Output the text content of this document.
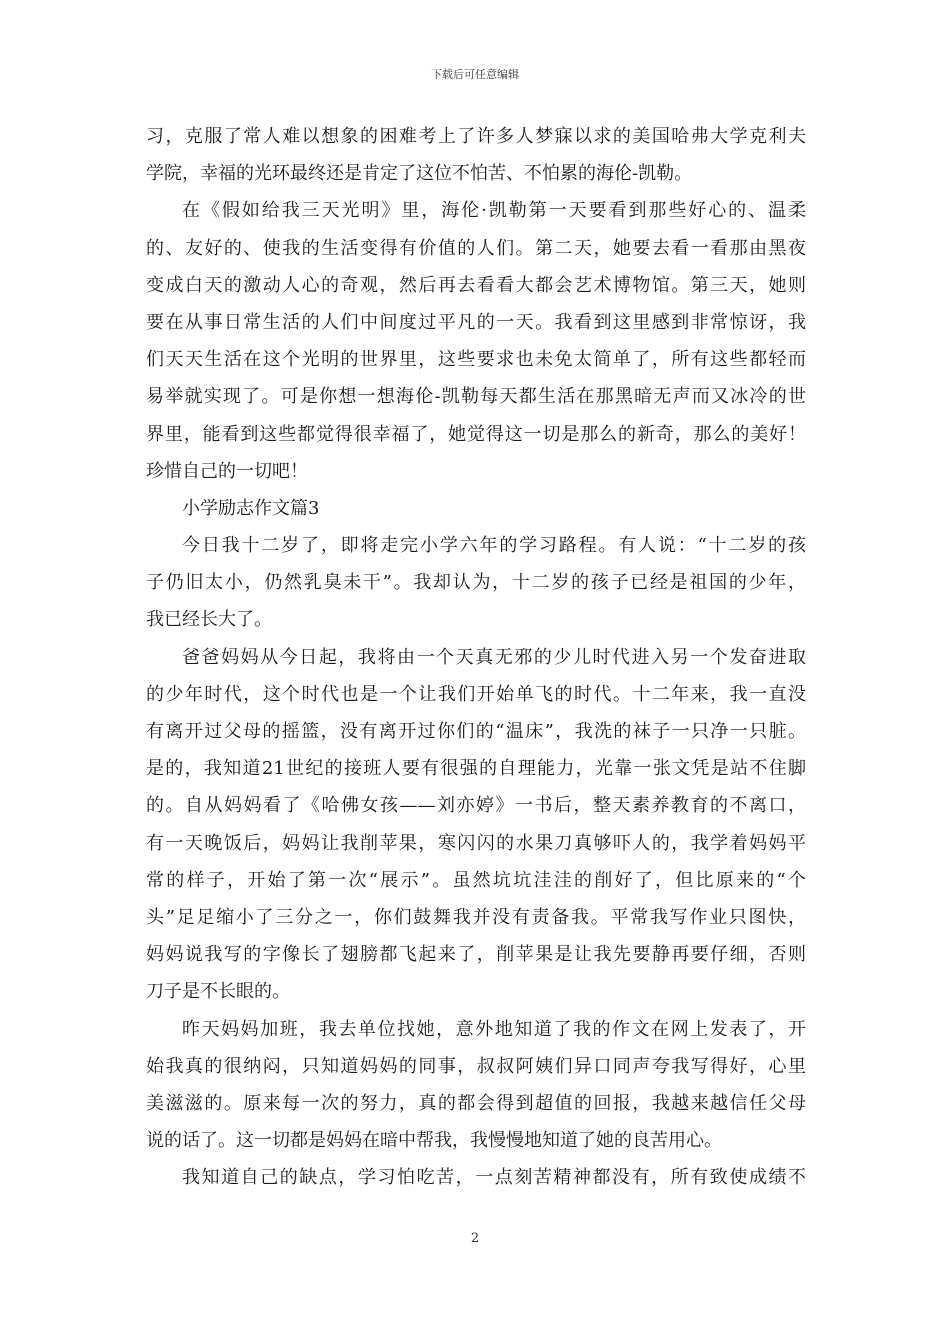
下载后可任意编辑
习，克服了常人难以想象的困难考上了许多人梦寐以求的美国哈弗大学克利夫
学院，幸福的光环最终还是肯定了这位不怕苦、不怕累的海伦-凯勒。
在《假如给我三天光明》里，海伦·凯勒第一天要看到那些好心的、温柔
的、友好的、使我的生活变得有价值的人们。第二天，她要去看一看那由黑夜
变成白天的激动人心的奇观，然后再去看看大都会艺术博物馆。第三天，她则
要在从事日常生活的人们中间度过平凡的一天。我看到这里感到非常惊讶，我
们天天生活在这个光明的世界里，这些要求也未免太简单了，所有这些都轻而
易举就实现了。可是你想一想海伦-凯勒每天都生活在那黑暗无声而又冰冷的世
界里，能看到这些都觉得很幸福了，她觉得这一切是那么的新奇，那么的美好！
珍惜自己的一切吧！
小学励志作文篇3
今日我十二岁了，即将走完小学六年的学习路程。有人说：“十二岁的孩
子仍旧太小，仍然乳臭未干”。我却认为，十二岁的孩子已经是祖国的少年，
我已经长大了。
爸爸妈妈从今日起，我将由一个天真无邪的少儿时代进入另一个发奋进取
的少年时代，这个时代也是一个让我们开始单飞的时代。十二年来，我一直没
有离开过父母的摇篮，没有离开过你们的“温床”，我洗的袜子一只净一只脏。
是的，我知道21世纪的接班人要有很强的自理能力，光靠一张文凭是站不住脚
的。自从妈妈看了《哈佛女孩——刘亦婷》一书后，整天素养教育的不离口，
有一天晚饭后，妈妈让我削苹果，寒闪闪的水果刀真够吓人的，我学着妈妈平
常的样子，开始了第一次“展示”。虽然坑坑洼洼的削好了，但比原来的“个
头”足足缩小了三分之一，你们鼓舞我并没有责备我。平常我写作业只图快，
妈妈说我写的字像长了翅膀都飞起来了，削苹果是让我先要静再要仔细，否则
刀子是不长眼的。
昨天妈妈加班，我去单位找她，意外地知道了我的作文在网上发表了，开
始我真的很纳闷，只知道妈妈的同事，叔叔阿姨们异口同声夸我写得好，心里
美滋滋的。原来每一次的努力，真的都会得到超值的回报，我越来越信任父母
说的话了。这一切都是妈妈在暗中帮我，我慢慢地知道了她的良苦用心。
我知道自己的缺点，学习怕吃苦，一点刻苦精神都没有，所有致使成绩不
2
